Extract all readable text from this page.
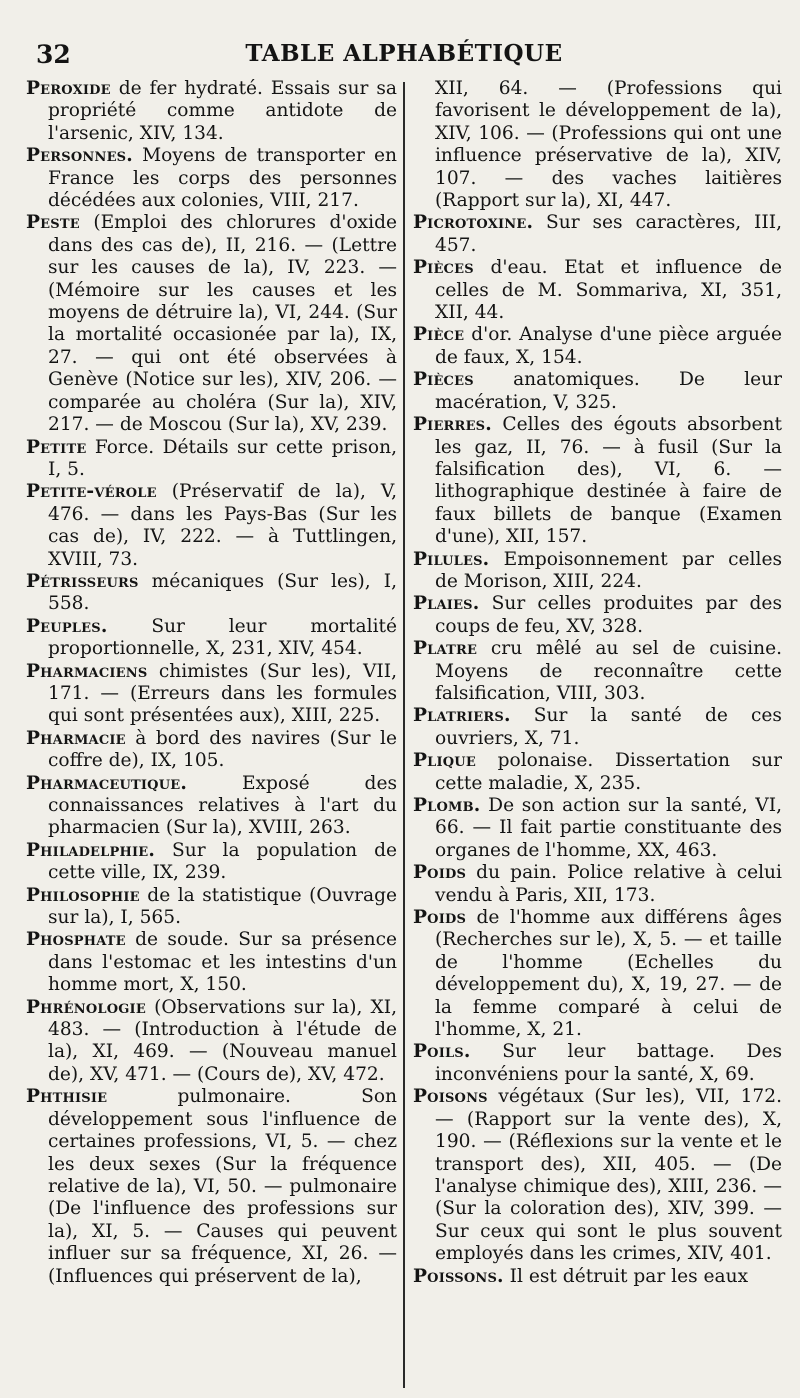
32	TABLE ALPHABÉTIQUE

Peroxide de fer hydraté. Essais sur sa propriété comme antidote de l'arsenic, XIV, 134.

Personnes. Moyens de transporter en France les corps des personnes décédées aux colonies, VIII, 217.

Peste (Emploi des chlorures d'oxide dans des cas de), II, 216. — (Lettre sur les causes de la), IV, 223. — (Mémoire sur les causes et les moyens de détruire la), VI, 244. (Sur la mortalité occasionée par la), IX, 27. — qui ont été observées à Genève (Notice sur les), XIV, 206. — comparée au choléra (Sur la), XIV, 217. — de Moscou (Sur la), XV, 239.

Petite Force. Détails sur cette prison, I, 5.

Petite-vérole (Préservatif de la), V, 476. — dans les Pays-Bas (Sur les cas de), IV, 222. — à Tuttlingen, XVIII, 73.

Pétrisseurs mécaniques (Sur les), I, 558.

Peuples. Sur leur mortalité proportionnelle, X, 231, XIV, 454.

Pharmaciens chimistes (Sur les), VII, 171. — (Erreurs dans les formules qui sont présentées aux), XIII, 225.

Pharmacie à bord des navires (Sur le coffre de), IX, 105.

Pharmaceutique.	Exposé des connaissances relatives à l'art du pharmacien (Sur la), XVIII, 263.

Philadelphie. Sur la population de cette ville, IX, 239.

Philosophie de la statistique (Ouvrage sur la), I, 565.

Phosphate de soude. Sur sa présence dans l'estomac et les intestins d'un homme mort, X, 150.

Phrénologie (Observations sur la), XI, 483. — (Introduction à l'étude de la), XI, 469. — (Nouveau manuel de), XV, 471. — (Cours de), XV, 472.

Phthisie	pulmonaire. Son développement sous l'influence de certaines professions, VI, 5. — chez les deux sexes (Sur la fréquence relative de la), VI, 50. — pulmonaire (De l'influence des professions sur la), XI, 5. — Causes qui peuvent influer sur sa fréquence, XI, 26. — (Influences qui préservent de la),

XII, 64. — (Professions qui favorisent le développement de la), XIV, 106. — (Professions qui ont une influence préservative de la), XIV, 107. — des vaches laitières (Rapport sur la), XI, 447.

Picrotoxine. Sur ses caractères, III, 457.

Pièces d'eau. Etat et influence de celles de M. Sommariva, XI, 351, XII, 44.

Pièce d'or. Analyse d'une pièce arguée de faux, X, 154.

Pièces anatomiques. De leur macération, V, 325.

Pierres. Celles des égouts absorbent les gaz, II, 76. — à fusil (Sur la falsification des), VI, 6. — lithographique destinée à faire de faux billets de banque (Examen d'une), XII, 157.

Pilules. Empoisonnement par celles de Morison, XIII, 224.

Plaies. Sur celles produites par des coups de feu, XV, 328.

Platre cru mêlé au sel de cuisine. Moyens de reconnaître cette falsification, VIII, 303.

Platriers. Sur la santé de ces ouvriers, X, 71.

Plique polonaise. Dissertation sur cette maladie, X, 235.

Plomb. De son action sur la santé, VI, 66. — Il fait partie constituante des organes de l'homme, XX, 463.

Poids du pain. Police relative à celui vendu à Paris, XII, 173.

Poids de l'homme aux différens âges (Recherches sur le), X, 5. — et taille de l'homme (Echelles du développement du), X, 19, 27. — de la femme comparé à celui de l'homme, X, 21.

Poils. Sur leur battage. Des inconvéniens pour la santé, X, 69.

Poisons végétaux (Sur les), VII, 172. — (Rapport sur la vente des), X, 190. — (Réflexions sur la vente et le transport des), XII, 405. — (De l'analyse chimique des), XIII, 236. — (Sur la coloration des), XIV, 399. — Sur ceux qui sont le plus souvent employés dans les crimes, XIV, 401.

Poissons. Il est détruit par les eaux
